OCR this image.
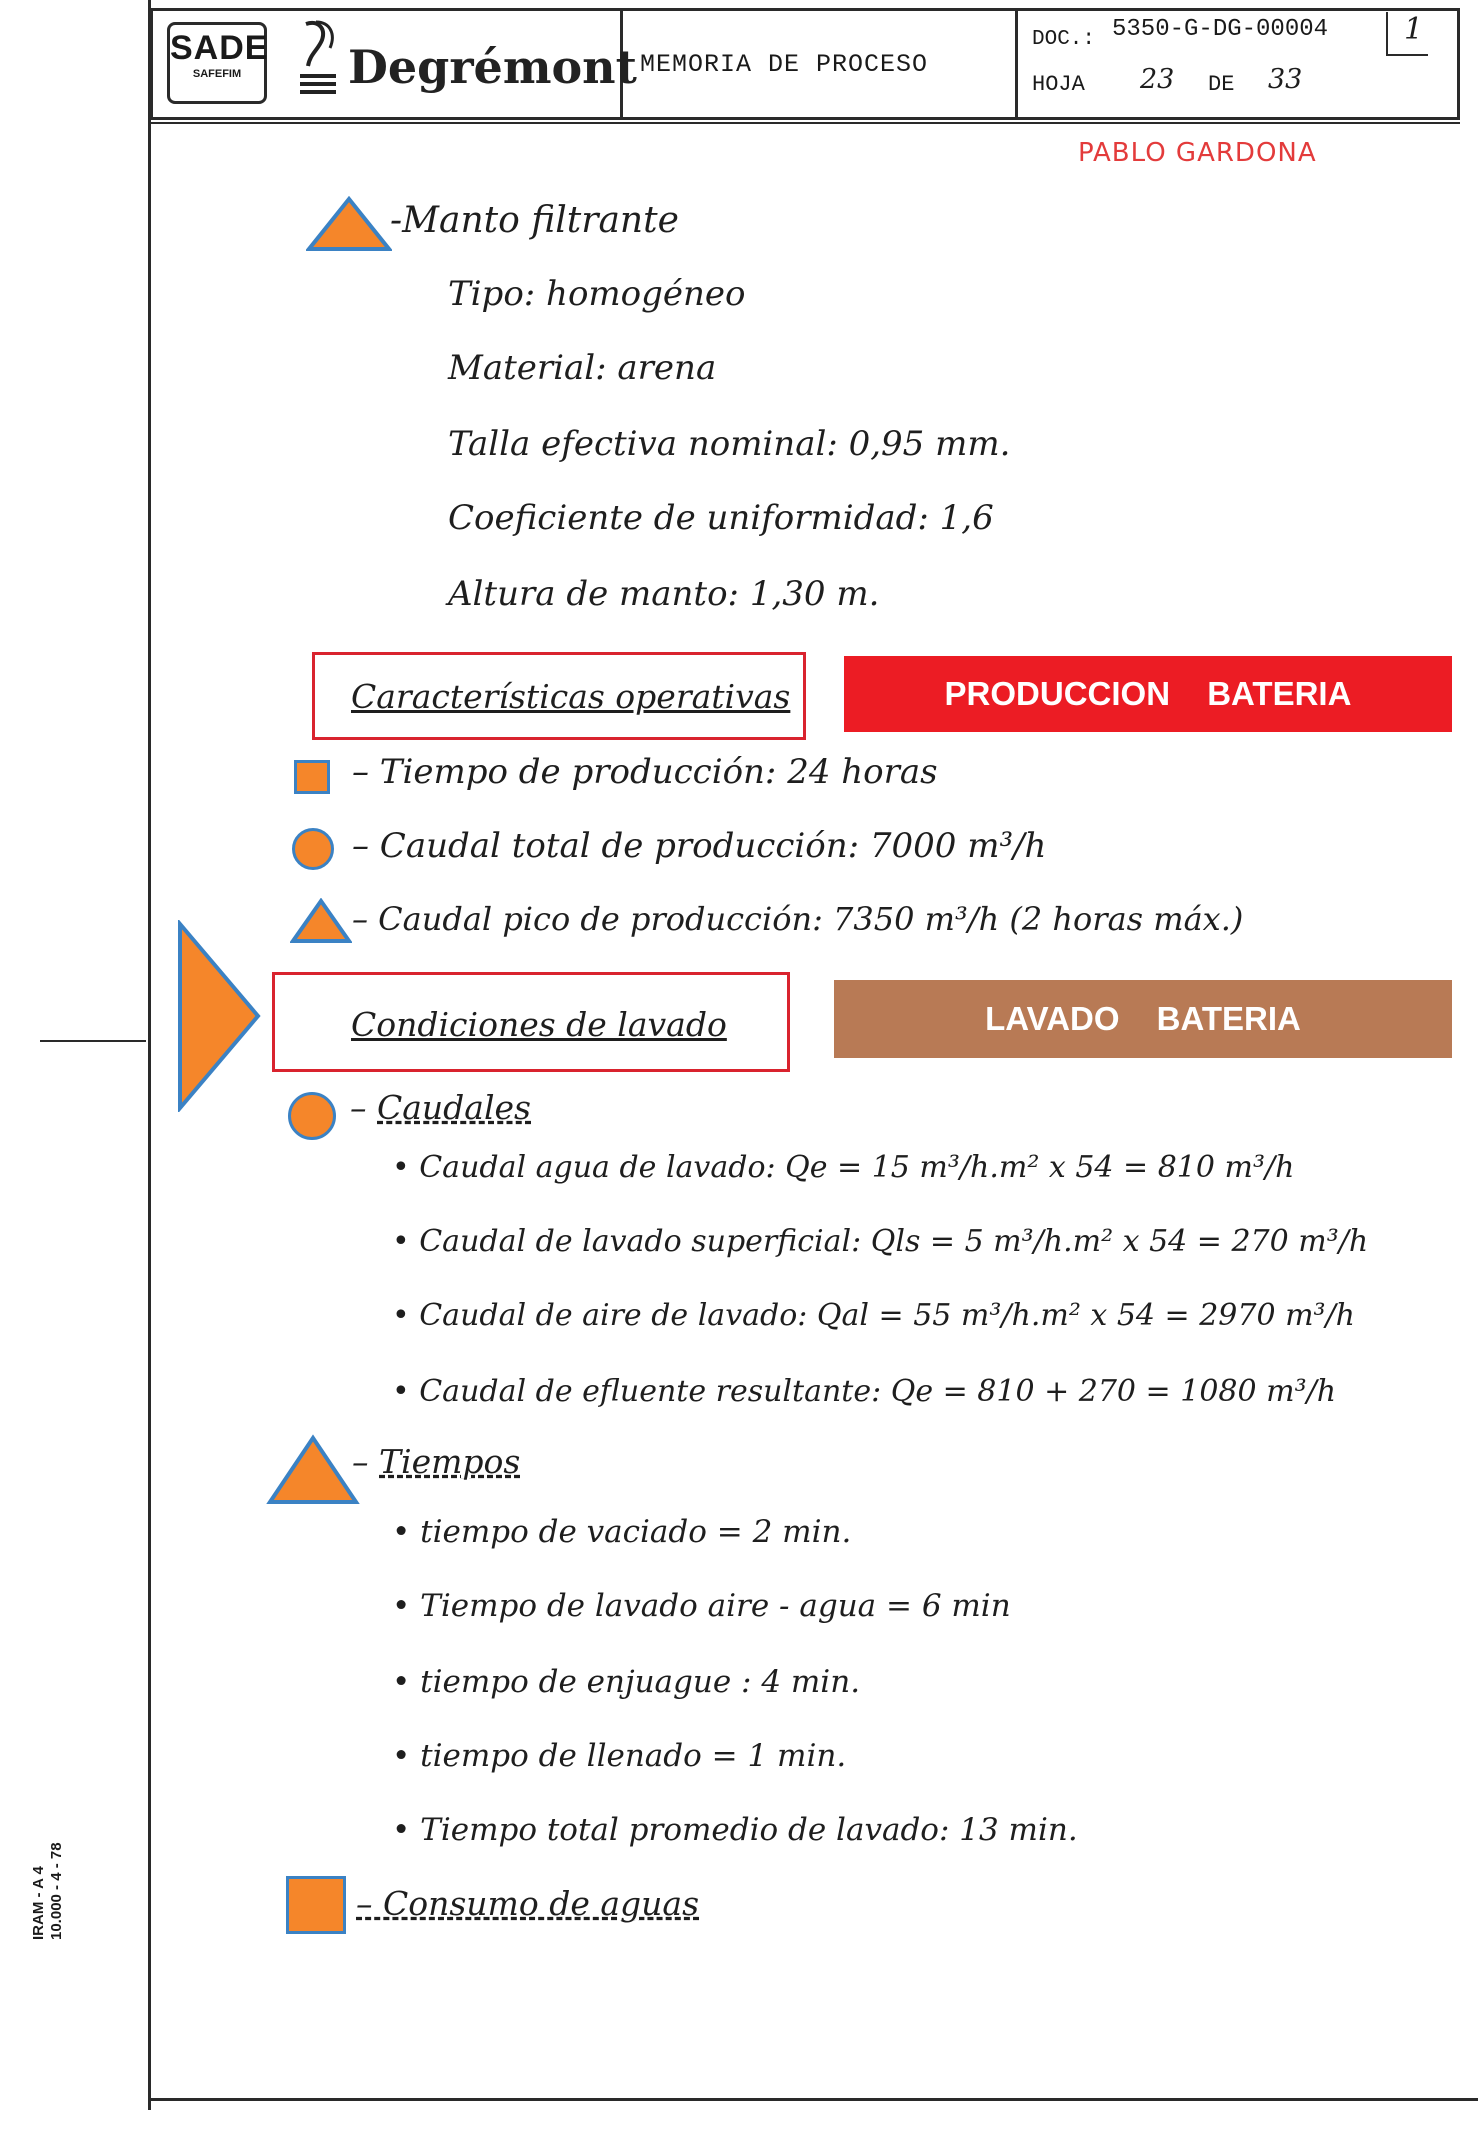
SADE
SAFEFIM	Degrémont MEMORIA DE PROCESO
DOC.: 5350-G-DG-00004	1
HOJA 23 DE 33
PABLO GARDONA
‑Manto filtrante
Tipo: homogéneo
Material: arena
Talla efectiva nominal: 0,95 mm.
Coeficiente de uniformidad: 1,6
Altura de manto: 1,30 m.
Características operativas	PRODUCCION BATERIA
– Tiempo de producción: 24 horas
– Caudal total de producción: 7000 m³/h
– Caudal pico de producción: 7350 m³/h (2 horas máx.)
Condiciones de lavado	LAVADO BATERIA
– Caudales
• Caudal agua de lavado: Qe = 15 m³/h.m² x 54 = 810 m³/h
• Caudal de lavado superficial: Qls = 5 m³/h.m² x 54 = 270 m³/h
• Caudal de aire de lavado: Qal = 55 m³/h.m² x 54 = 2970 m³/h
• Caudal de efluente resultante: Qe = 810 + 270 = 1080 m³/h
– Tiempos
• tiempo de vaciado = 2 min.
• Tiempo de lavado aire - agua = 6 min
• tiempo de enjuague : 4 min.
• tiempo de llenado = 1 min.
• Tiempo total promedio de lavado: 13 min.
– Consumo de aguas
IRAM - A 4
10.000 - 4 - 78
